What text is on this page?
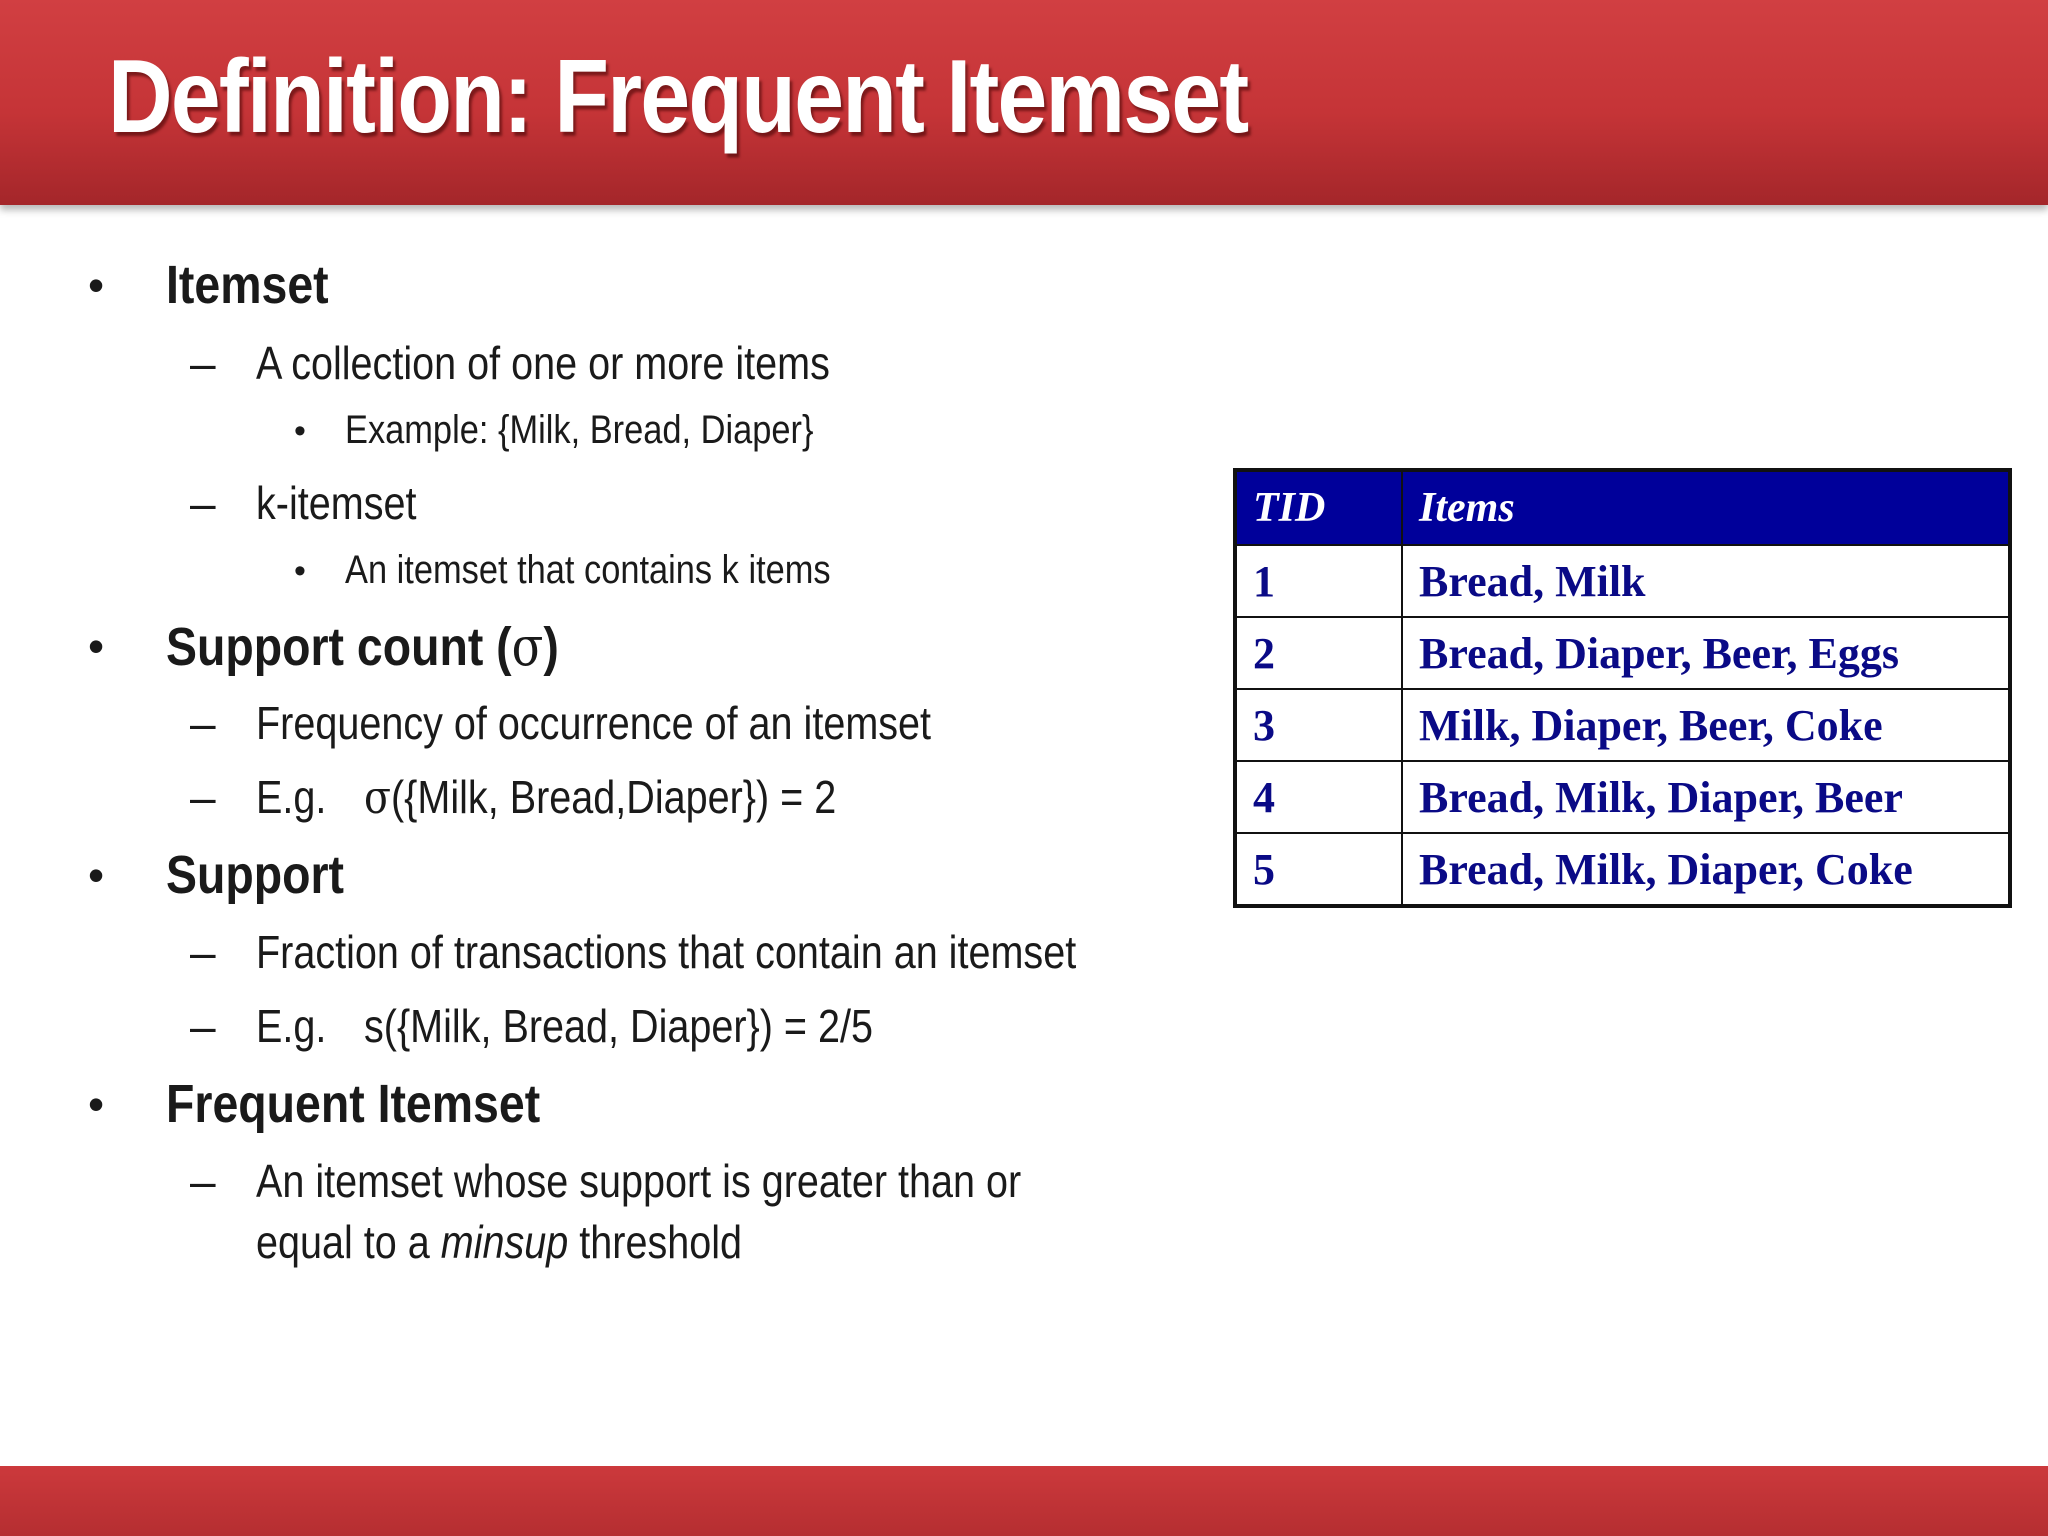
Definition: Frequent Itemset
• Itemset
– A collection of one or more items
• Example: {Milk, Bread, Diaper}
– k-itemset
• An itemset that contains k items
• Support count (σ)
– Frequency of occurrence of an itemset
– E.g. σ({Milk, Bread,Diaper}) = 2
• Support
– Fraction of transactions that contain an itemset
– E.g. s({Milk, Bread, Diaper}) = 2/5
• Frequent Itemset
– An itemset whose support is greater than or
equal to a minsup threshold
TID	Items
1	Bread, Milk
2	Bread, Diaper, Beer, Eggs
3	Milk, Diaper, Beer, Coke
4	Bread, Milk, Diaper, Beer
5	Bread, Milk, Diaper, Coke
